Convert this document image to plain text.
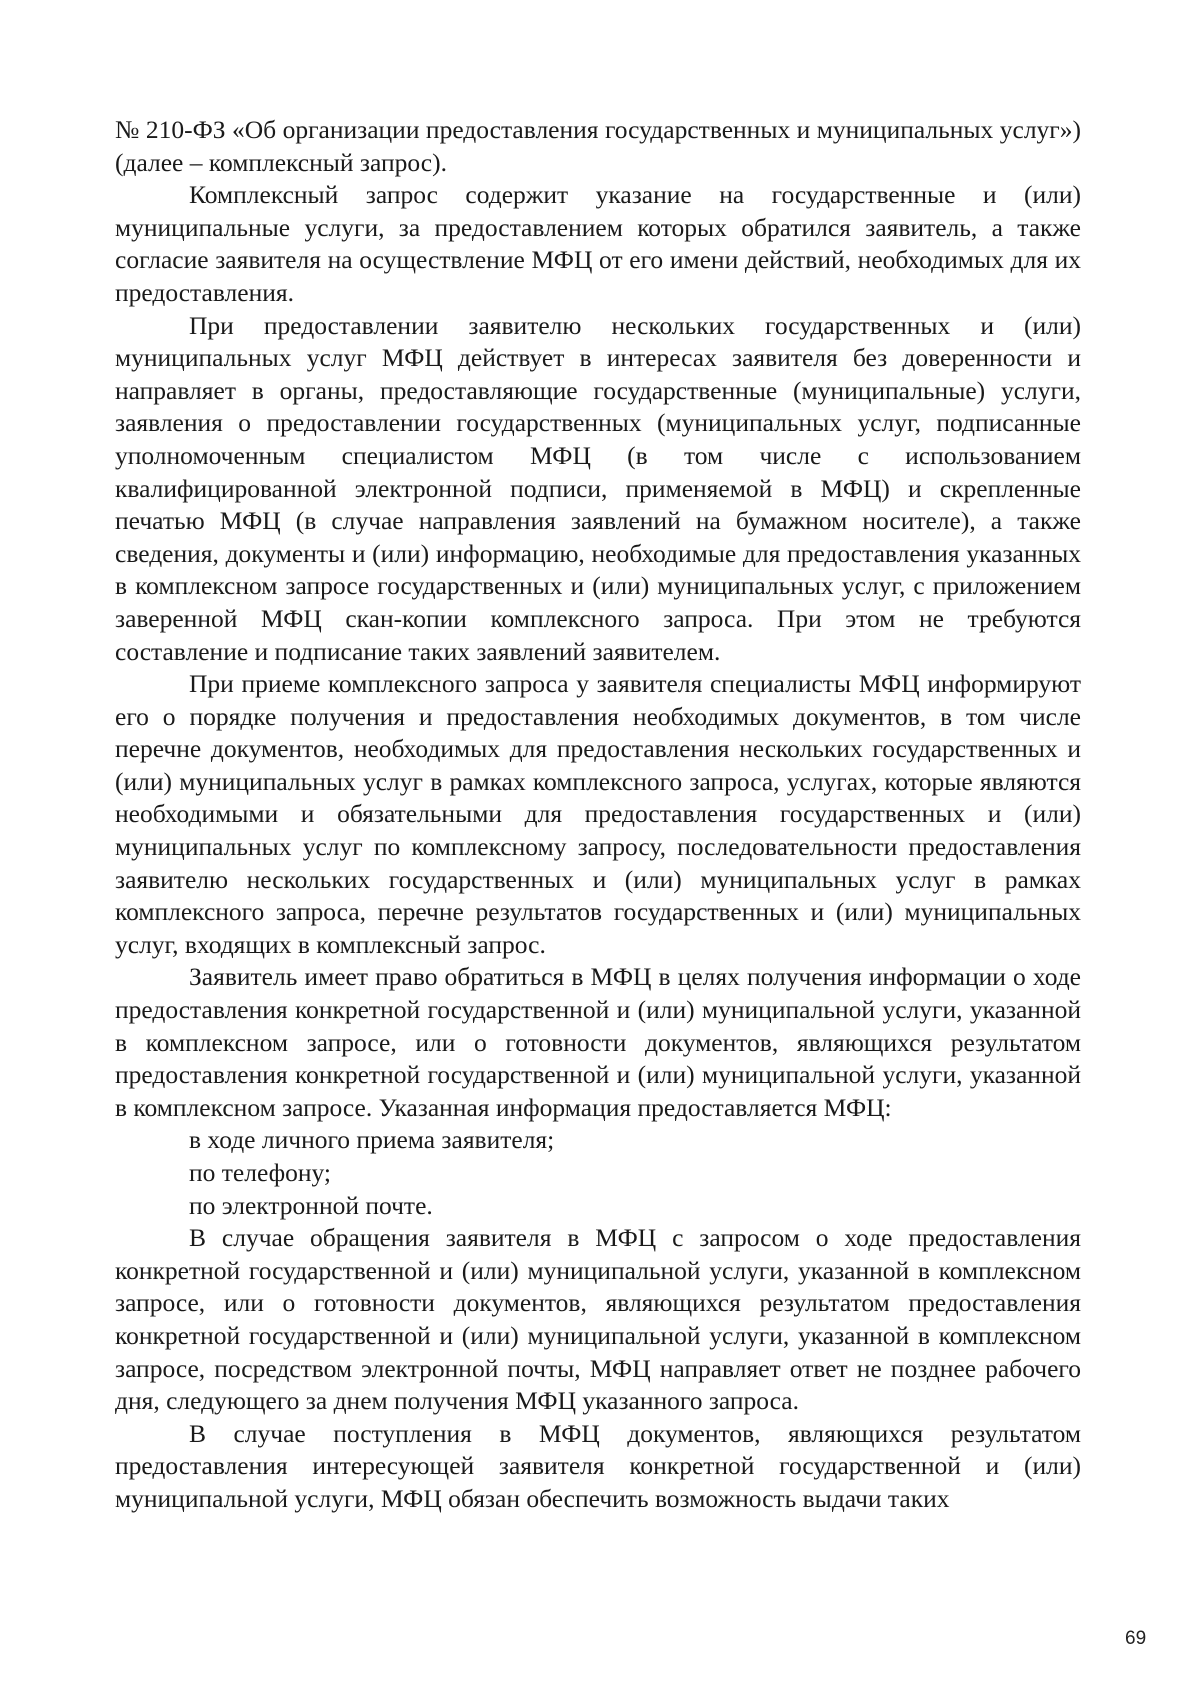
№ 210-ФЗ «Об организации предоставления государственных и муниципальных услуг») (далее – комплексный запрос).

Комплексный запрос содержит указание на государственные и (или) муниципальные услуги, за предоставлением которых обратился заявитель, а также согласие заявителя на осуществление МФЦ от его имени действий, необходимых для их предоставления.

При предоставлении заявителю нескольких государственных и (или) муниципальных услуг МФЦ действует в интересах заявителя без доверенности и направляет в органы, предоставляющие государственные (муниципальные) услуги, заявления о предоставлении государственных (муниципальных услуг, подписанные уполномоченным специалистом МФЦ (в том числе с использованием квалифицированной электронной подписи, применяемой в МФЦ) и скрепленные печатью МФЦ (в случае направления заявлений на бумажном носителе), а также сведения, документы и (или) информацию, необходимые для предоставления указанных в комплексном запросе государственных и (или) муниципальных услуг, с приложением заверенной МФЦ скан-копии комплексного запроса. При этом не требуются составление и подписание таких заявлений заявителем.

При приеме комплексного запроса у заявителя специалисты МФЦ информируют его о порядке получения и предоставления необходимых документов, в том числе перечне документов, необходимых для предоставления нескольких государственных и (или) муниципальных услуг в рамках комплексного запроса, услугах, которые являются необходимыми и обязательными для предоставления государственных и (или) муниципальных услуг по комплексному запросу, последовательности предоставления заявителю нескольких государственных и (или) муниципальных услуг в рамках комплексного запроса, перечне результатов государственных и (или) муниципальных услуг, входящих в комплексный запрос.

Заявитель имеет право обратиться в МФЦ в целях получения информации о ходе предоставления конкретной государственной и (или) муниципальной услуги, указанной в комплексном запросе, или о готовности документов, являющихся результатом предоставления конкретной государственной и (или) муниципальной услуги, указанной в комплексном запросе. Указанная информация предоставляется МФЦ:

в ходе личного приема заявителя;

по телефону;

по электронной почте.

В случае обращения заявителя в МФЦ с запросом о ходе предоставления конкретной государственной и (или) муниципальной услуги, указанной в комплексном запросе, или о готовности документов, являющихся результатом предоставления конкретной государственной и (или) муниципальной услуги, указанной в комплексном запросе, посредством электронной почты, МФЦ направляет ответ не позднее рабочего дня, следующего за днем получения МФЦ указанного запроса.

В случае поступления в МФЦ документов, являющихся результатом предоставления интересующей заявителя конкретной государственной и (или) муниципальной услуги, МФЦ обязан обеспечить возможность выдачи таких

69
